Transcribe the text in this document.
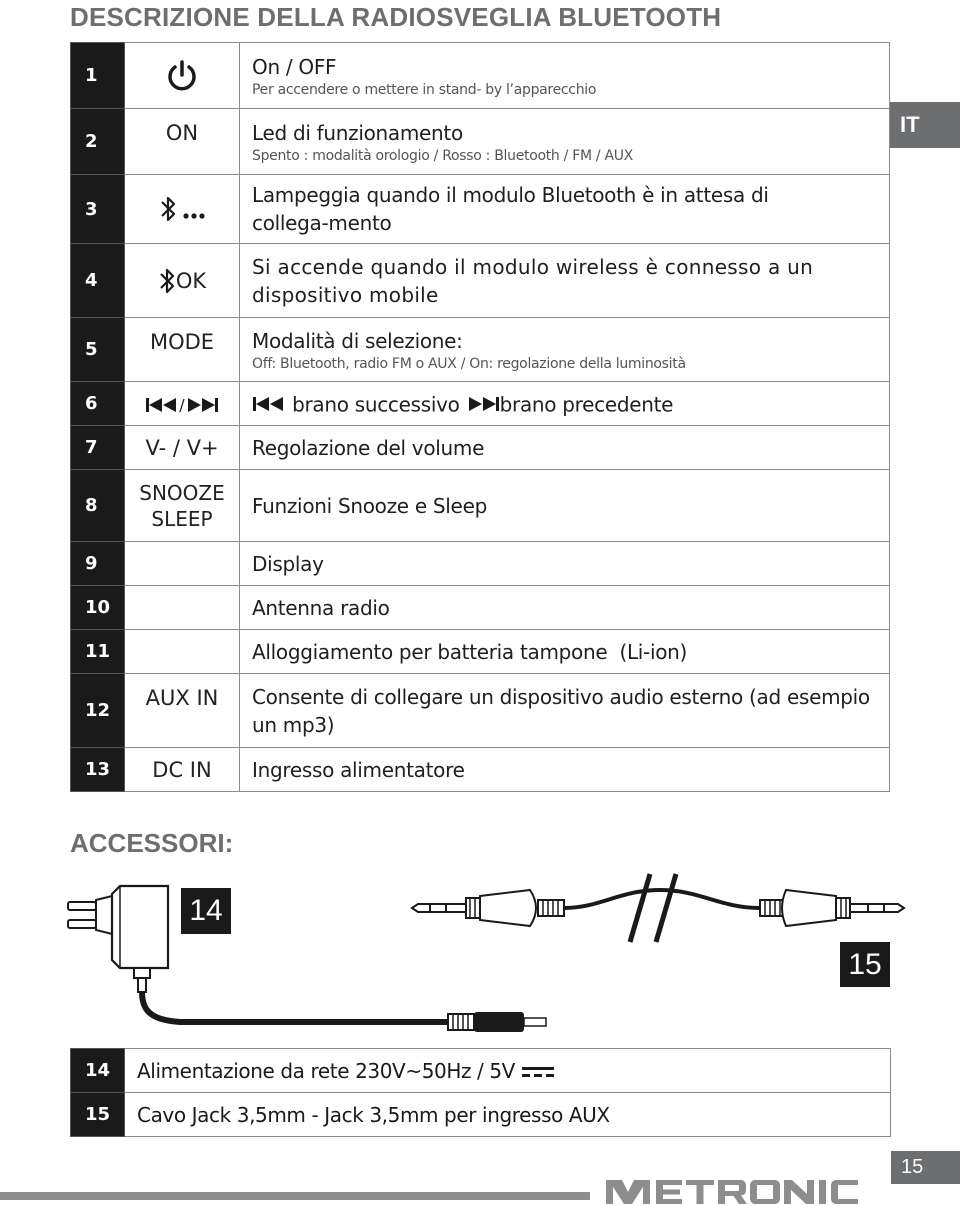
DESCRIZIONE DELLA RADIOSVEGLIA BLUETOOTH
IT
1		On / OFF
Per accendere o mettere in stand- by l’apparecchio

2	ON	Led di funzionamento
Spento : modalità orologio / Rosso : Bluetooth / FM / AUX

3		Lampeggia quando il modulo Bluetooth è in attesa di collega-mento

4	OK	Si accende quando il modulo wireless è connesso a un dispositivo mobile

5	MODE	Modalità di selezione:
Off: Bluetooth, radio FM o AUX / On: regolazione della luminosità

6	/	brano successivo brano precedente

7	V- / V+	Regolazione del volume

8	SNOOZE
SLEEP	Funzioni Snooze e Sleep

9		Display

10		Antenna radio

11		Alloggiamento per batteria tampone  (Li-ion)

12	AUX IN	Consente di collegare un dispositivo audio esterno (ad esempio un mp3)

13	DC IN	Ingresso alimentatore
ACCESSORI:
14
15
14	Alimentazione da rete 230V~50Hz / 5V
15	Cavo Jack 3,5mm - Jack 3,5mm per ingresso AUX
15
